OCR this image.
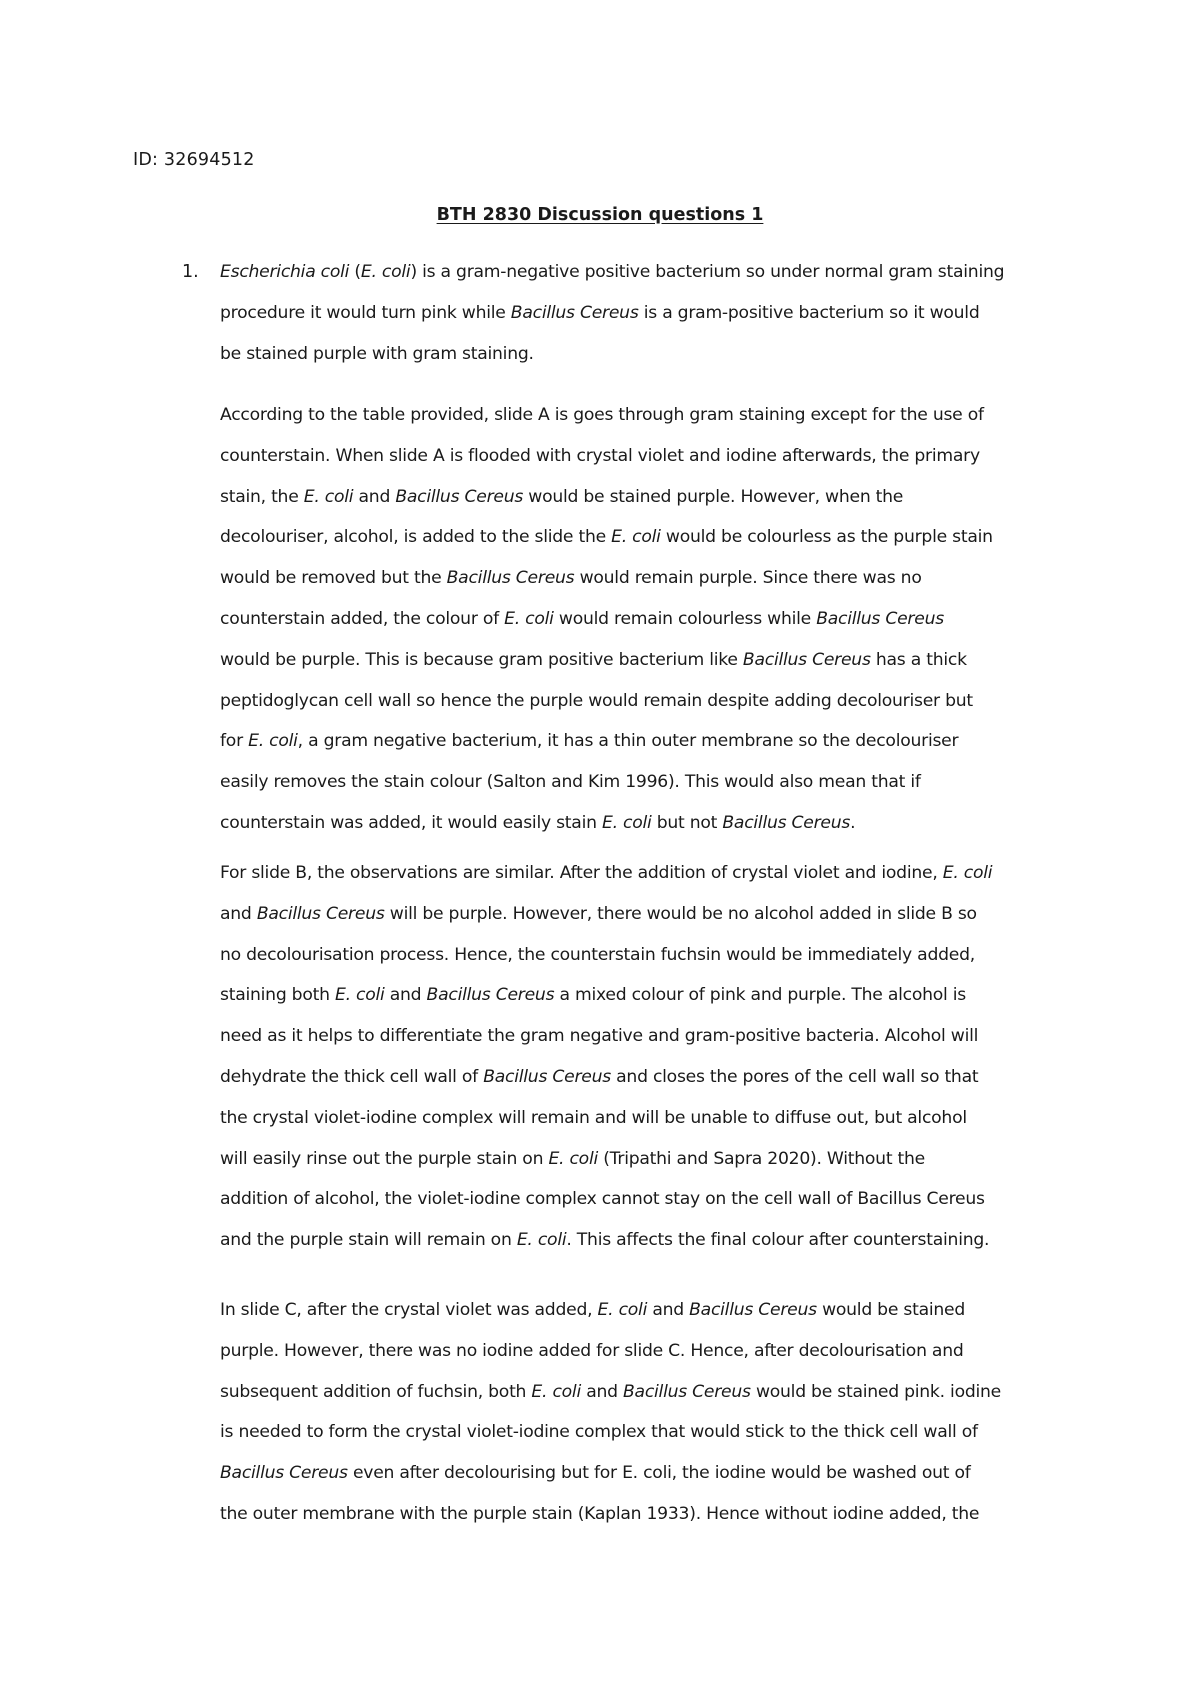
ID: 32694512
BTH 2830 Discussion questions 1
1. Escherichia coli (E. coli) is a gram-negative positive bacterium so under normal gram staining
procedure it would turn pink while Bacillus Cereus is a gram-positive bacterium so it would
be stained purple with gram staining.
According to the table provided, slide A is goes through gram staining except for the use of
counterstain. When slide A is flooded with crystal violet and iodine afterwards, the primary
stain, the E. coli and Bacillus Cereus would be stained purple. However, when the
decolouriser, alcohol, is added to the slide the E. coli would be colourless as the purple stain
would be removed but the Bacillus Cereus would remain purple. Since there was no
counterstain added, the colour of E. coli would remain colourless while Bacillus Cereus
would be purple. This is because gram positive bacterium like Bacillus Cereus has a thick
peptidoglycan cell wall so hence the purple would remain despite adding decolouriser but
for E. coli, a gram negative bacterium, it has a thin outer membrane so the decolouriser
easily removes the stain colour (Salton and Kim 1996). This would also mean that if
counterstain was added, it would easily stain E. coli but not Bacillus Cereus.
For slide B, the observations are similar. After the addition of crystal violet and iodine, E. coli
and Bacillus Cereus will be purple. However, there would be no alcohol added in slide B so
no decolourisation process. Hence, the counterstain fuchsin would be immediately added,
staining both E. coli and Bacillus Cereus a mixed colour of pink and purple. The alcohol is
need as it helps to differentiate the gram negative and gram-positive bacteria. Alcohol will
dehydrate the thick cell wall of Bacillus Cereus and closes the pores of the cell wall so that
the crystal violet-iodine complex will remain and will be unable to diffuse out, but alcohol
will easily rinse out the purple stain on E. coli (Tripathi and Sapra 2020). Without the
addition of alcohol, the violet-iodine complex cannot stay on the cell wall of Bacillus Cereus
and the purple stain will remain on E. coli. This affects the final colour after counterstaining.
In slide C, after the crystal violet was added, E. coli and Bacillus Cereus would be stained
purple. However, there was no iodine added for slide C. Hence, after decolourisation and
subsequent addition of fuchsin, both E. coli and Bacillus Cereus would be stained pink. iodine
is needed to form the crystal violet-iodine complex that would stick to the thick cell wall of
Bacillus Cereus even after decolourising but for E. coli, the iodine would be washed out of
the outer membrane with the purple stain (Kaplan 1933). Hence without iodine added, the
